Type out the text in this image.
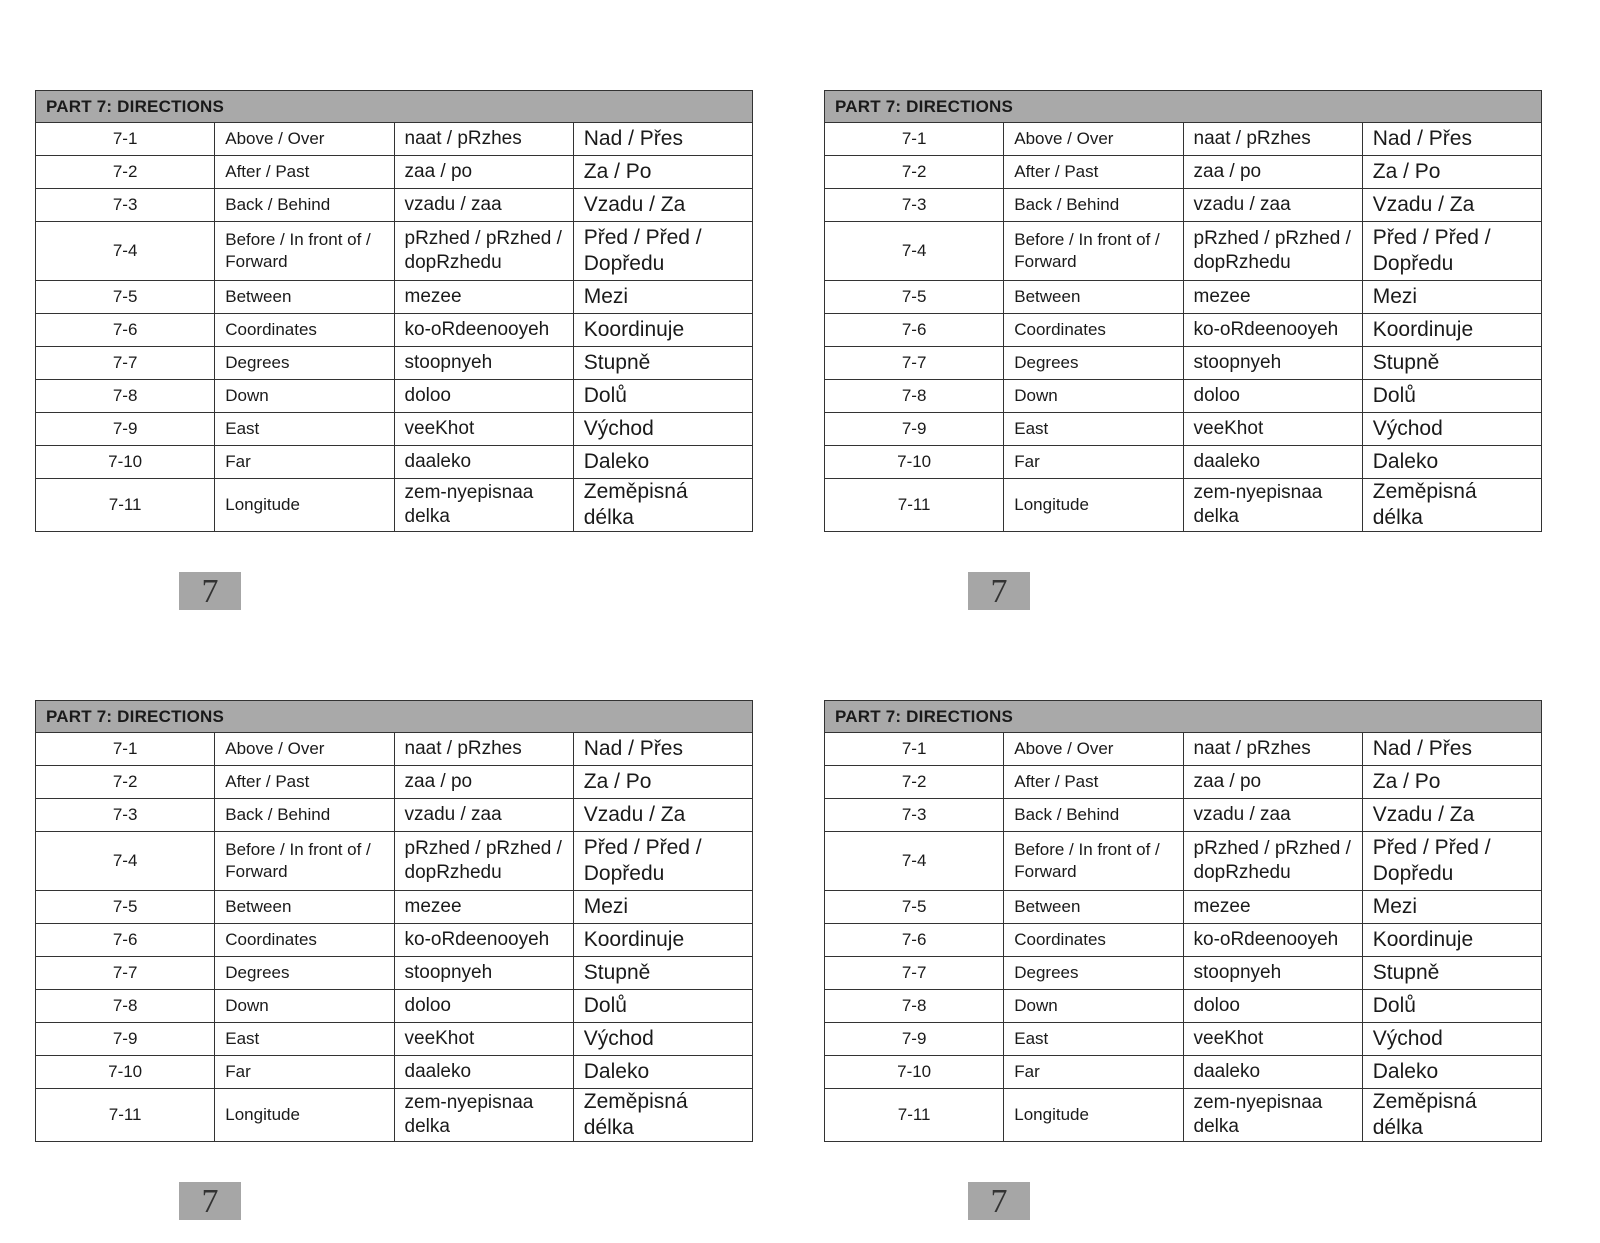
PART 7: DIRECTIONS			
7-1	Above / Over	naat / pRzhes	Nad / Přes
7-2	After / Past	zaa / po	Za / Po
7-3	Back / Behind	vzadu / zaa	Vzadu / Za
7-4	Before / In front of / Forward	pRzhed / pRzhed / dopRzhedu	Před / Před / Dopředu
7-5	Between	mezee	Mezi
7-6	Coordinates	ko-oRdeenooyeh	Koordinuje
7-7	Degrees	stoopnyeh	Stupně
7-8	Down	doloo	Dolů
7-9	East	veeKhot	Východ
7-10	Far	daaleko	Daleko
7-11	Longitude	zem-nyepisnaa delka	Zeměpisná délka
PART 7: DIRECTIONS			
7-1	Above / Over	naat / pRzhes	Nad / Přes
7-2	After / Past	zaa / po	Za / Po
7-3	Back / Behind	vzadu / zaa	Vzadu / Za
7-4	Before / In front of / Forward	pRzhed / pRzhed / dopRzhedu	Před / Před / Dopředu
7-5	Between	mezee	Mezi
7-6	Coordinates	ko-oRdeenooyeh	Koordinuje
7-7	Degrees	stoopnyeh	Stupně
7-8	Down	doloo	Dolů
7-9	East	veeKhot	Východ
7-10	Far	daaleko	Daleko
7-11	Longitude	zem-nyepisnaa delka	Zeměpisná délka
PART 7: DIRECTIONS			
7-1	Above / Over	naat / pRzhes	Nad / Přes
7-2	After / Past	zaa / po	Za / Po
7-3	Back / Behind	vzadu / zaa	Vzadu / Za
7-4	Before / In front of / Forward	pRzhed / pRzhed / dopRzhedu	Před / Před / Dopředu
7-5	Between	mezee	Mezi
7-6	Coordinates	ko-oRdeenooyeh	Koordinuje
7-7	Degrees	stoopnyeh	Stupně
7-8	Down	doloo	Dolů
7-9	East	veeKhot	Východ
7-10	Far	daaleko	Daleko
7-11	Longitude	zem-nyepisnaa delka	Zeměpisná délka
PART 7: DIRECTIONS			
7-1	Above / Over	naat / pRzhes	Nad / Přes
7-2	After / Past	zaa / po	Za / Po
7-3	Back / Behind	vzadu / zaa	Vzadu / Za
7-4	Before / In front of / Forward	pRzhed / pRzhed / dopRzhedu	Před / Před / Dopředu
7-5	Between	mezee	Mezi
7-6	Coordinates	ko-oRdeenooyeh	Koordinuje
7-7	Degrees	stoopnyeh	Stupně
7-8	Down	doloo	Dolů
7-9	East	veeKhot	Východ
7-10	Far	daaleko	Daleko
7-11	Longitude	zem-nyepisnaa delka	Zeměpisná délka
7	7
7	7
